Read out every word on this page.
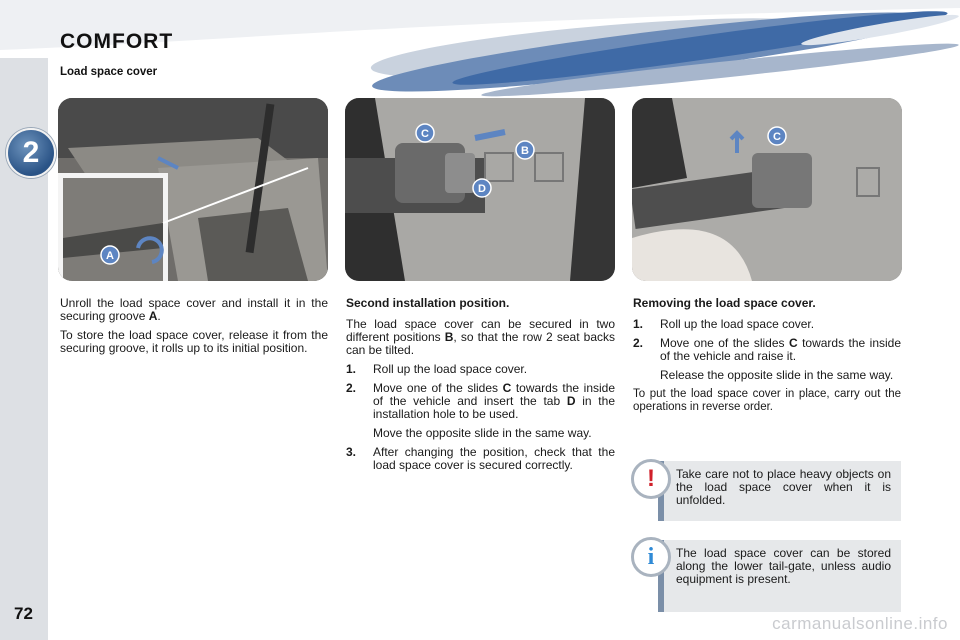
2
72
COMFORT
Load space cover
A
C
B
D
C

Unroll the load space cover and install it in the securing groove A.

To store the load space cover, release it from the securing groove, it rolls up to its initial position.

Second installation position.

The load space cover can be secured in two different positions B, so that the row 2 seat backs can be tilted.

1.	Roll up the load space cover.
2.	Move one of the slides C towards the inside of the vehicle and insert the tab D in the installation hole to be used.

Move the opposite slide in the same way.

3.	After changing the position, check that the load space cover is secured correctly.

Removing the load space cover.

1.	Roll up the load space cover.
2.	Move one of the slides C towards the inside of the vehicle and raise it.

Release the opposite slide in the same way.

To put the load space cover in place, carry out the operations in reverse order.

Take care not to place heavy objects on the load space cover when it is unfolded.
!
The load space cover can be stored along the lower tail-gate, unless audio equipment is present.
i
carmanualsonline.info
